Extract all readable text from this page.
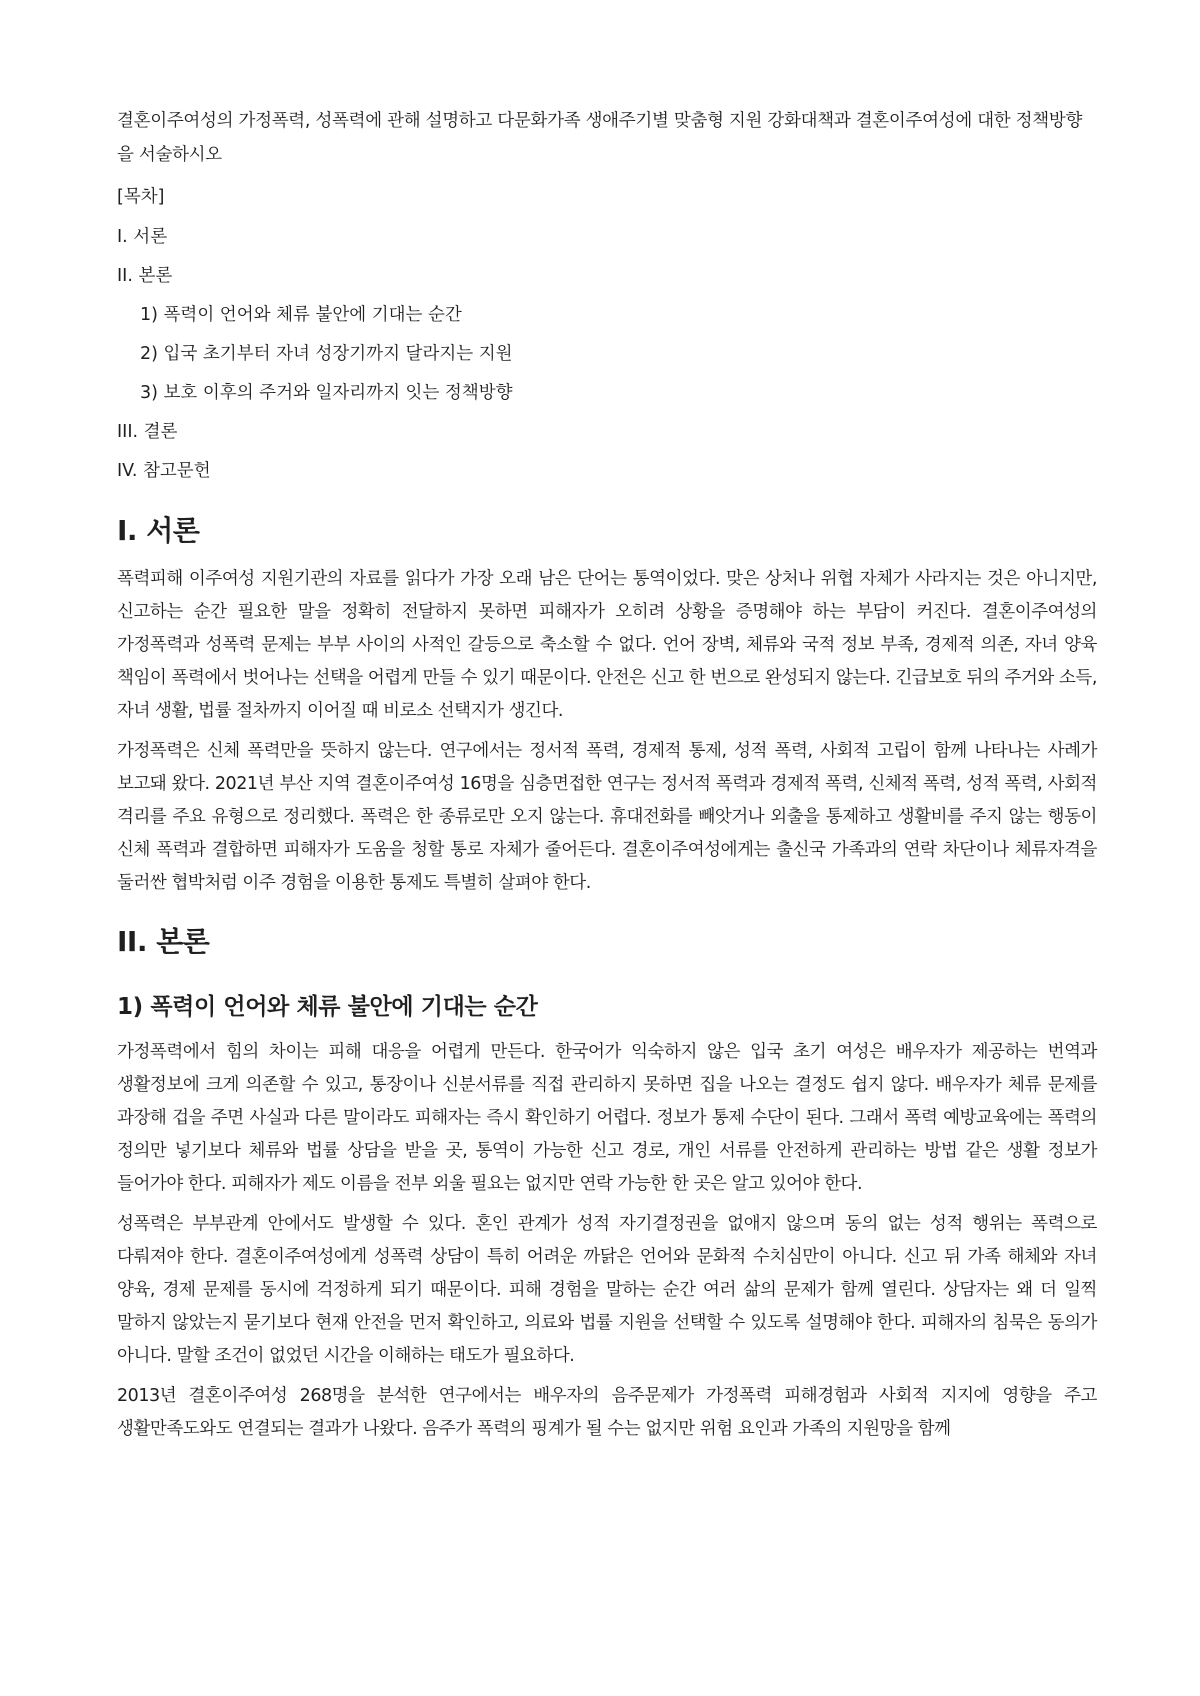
결혼이주여성의 가정폭력, 성폭력에 관해 설명하고 다문화가족 생애주기별 맞춤형 지원 강화대책과 결혼이주여성에 대한 정책방향을 서술하시오

[목차]
I. 서론
II. 본론
1) 폭력이 언어와 체류 불안에 기대는 순간
2) 입국 초기부터 자녀 성장기까지 달라지는 지원
3) 보호 이후의 주거와 일자리까지 잇는 정책방향
III. 결론
IV. 참고문헌
I. 서론

폭력피해 이주여성 지원기관의 자료를 읽다가 가장 오래 남은 단어는 통역이었다. 맞은 상처나 위협 자체가 사라지는 것은 아니지만, 신고하는 순간 필요한 말을 정확히 전달하지 못하면 피해자가 오히려 상황을 증명해야 하는 부담이 커진다. 결혼이주여성의 가정폭력과 성폭력 문제는 부부 사이의 사적인 갈등으로 축소할 수 없다. 언어 장벽, 체류와 국적 정보 부족, 경제적 의존, 자녀 양육 책임이 폭력에서 벗어나는 선택을 어렵게 만들 수 있기 때문이다. 안전은 신고 한 번으로 완성되지 않는다. 긴급보호 뒤의 주거와 소득, 자녀 생활, 법률 절차까지 이어질 때 비로소 선택지가 생긴다.

가정폭력은 신체 폭력만을 뜻하지 않는다. 연구에서는 정서적 폭력, 경제적 통제, 성적 폭력, 사회적 고립이 함께 나타나는 사례가 보고돼 왔다. 2021년 부산 지역 결혼이주여성 16명을 심층면접한 연구는 정서적 폭력과 경제적 폭력, 신체적 폭력, 성적 폭력, 사회적 격리를 주요 유형으로 정리했다. 폭력은 한 종류로만 오지 않는다. 휴대전화를 빼앗거나 외출을 통제하고 생활비를 주지 않는 행동이 신체 폭력과 결합하면 피해자가 도움을 청할 통로 자체가 줄어든다. 결혼이주여성에게는 출신국 가족과의 연락 차단이나 체류자격을 둘러싼 협박처럼 이주 경험을 이용한 통제도 특별히 살펴야 한다.

II. 본론
1) 폭력이 언어와 체류 불안에 기대는 순간

가정폭력에서 힘의 차이는 피해 대응을 어렵게 만든다. 한국어가 익숙하지 않은 입국 초기 여성은 배우자가 제공하는 번역과 생활정보에 크게 의존할 수 있고, 통장이나 신분서류를 직접 관리하지 못하면 집을 나오는 결정도 쉽지 않다. 배우자가 체류 문제를 과장해 겁을 주면 사실과 다른 말이라도 피해자는 즉시 확인하기 어렵다. 정보가 통제 수단이 된다. 그래서 폭력 예방교육에는 폭력의 정의만 넣기보다 체류와 법률 상담을 받을 곳, 통역이 가능한 신고 경로, 개인 서류를 안전하게 관리하는 방법 같은 생활 정보가 들어가야 한다. 피해자가 제도 이름을 전부 외울 필요는 없지만 연락 가능한 한 곳은 알고 있어야 한다.

성폭력은 부부관계 안에서도 발생할 수 있다. 혼인 관계가 성적 자기결정권을 없애지 않으며 동의 없는 성적 행위는 폭력으로 다뤄져야 한다. 결혼이주여성에게 성폭력 상담이 특히 어려운 까닭은 언어와 문화적 수치심만이 아니다. 신고 뒤 가족 해체와 자녀 양육, 경제 문제를 동시에 걱정하게 되기 때문이다. 피해 경험을 말하는 순간 여러 삶의 문제가 함께 열린다. 상담자는 왜 더 일찍 말하지 않았는지 묻기보다 현재 안전을 먼저 확인하고, 의료와 법률 지원을 선택할 수 있도록 설명해야 한다. 피해자의 침묵은 동의가 아니다. 말할 조건이 없었던 시간을 이해하는 태도가 필요하다.

2013년 결혼이주여성 268명을 분석한 연구에서는 배우자의 음주문제가 가정폭력 피해경험과 사회적 지지에 영향을 주고 생활만족도와도 연결되는 결과가 나왔다. 음주가 폭력의 핑계가 될 수는 없지만 위험 요인과 가족의 지원망을 함께
